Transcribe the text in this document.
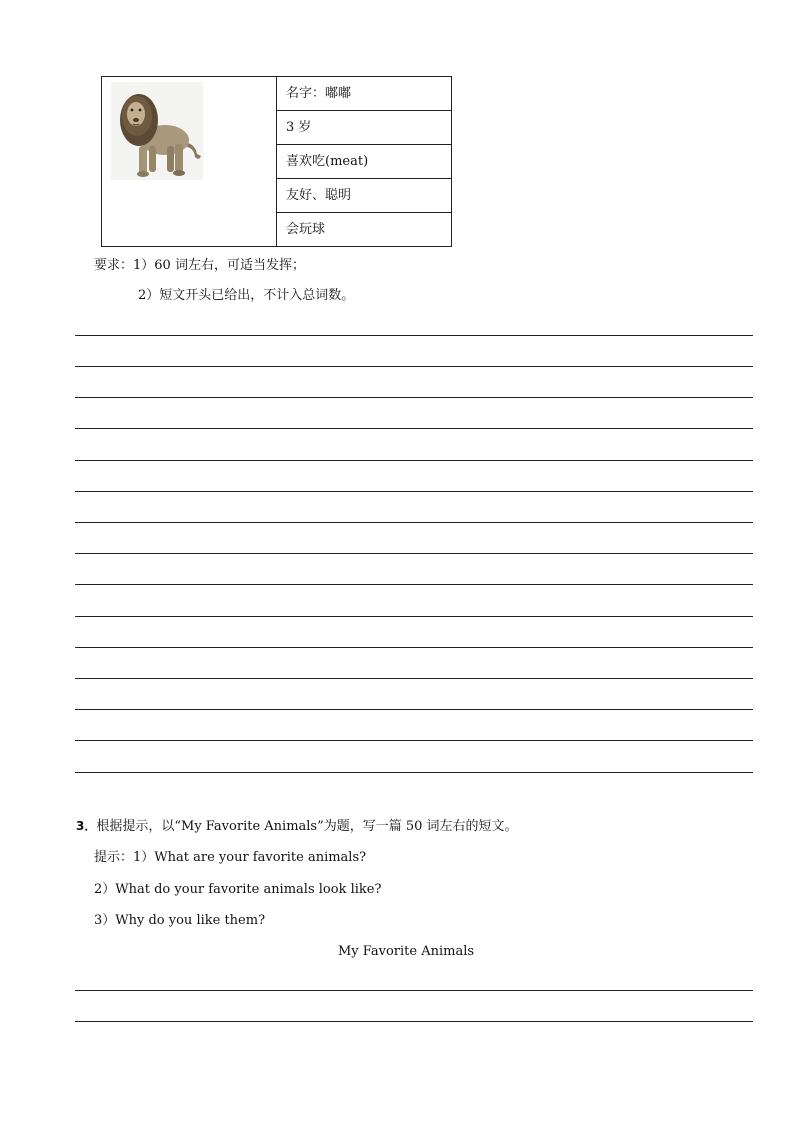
	名字：嘟嘟
3 岁
喜欢吃(meat)
友好、聪明
会玩球
要求：1）60 词左右，可适当发挥；
2）短文开头已给出，不计入总词数。
3．根据提示，以“My Favorite Animals”为题，写一篇 50 词左右的短文。
提示：1）What are your favorite animals?
2）What do your favorite animals look like?
3）Why do you like them?
My Favorite Animals
